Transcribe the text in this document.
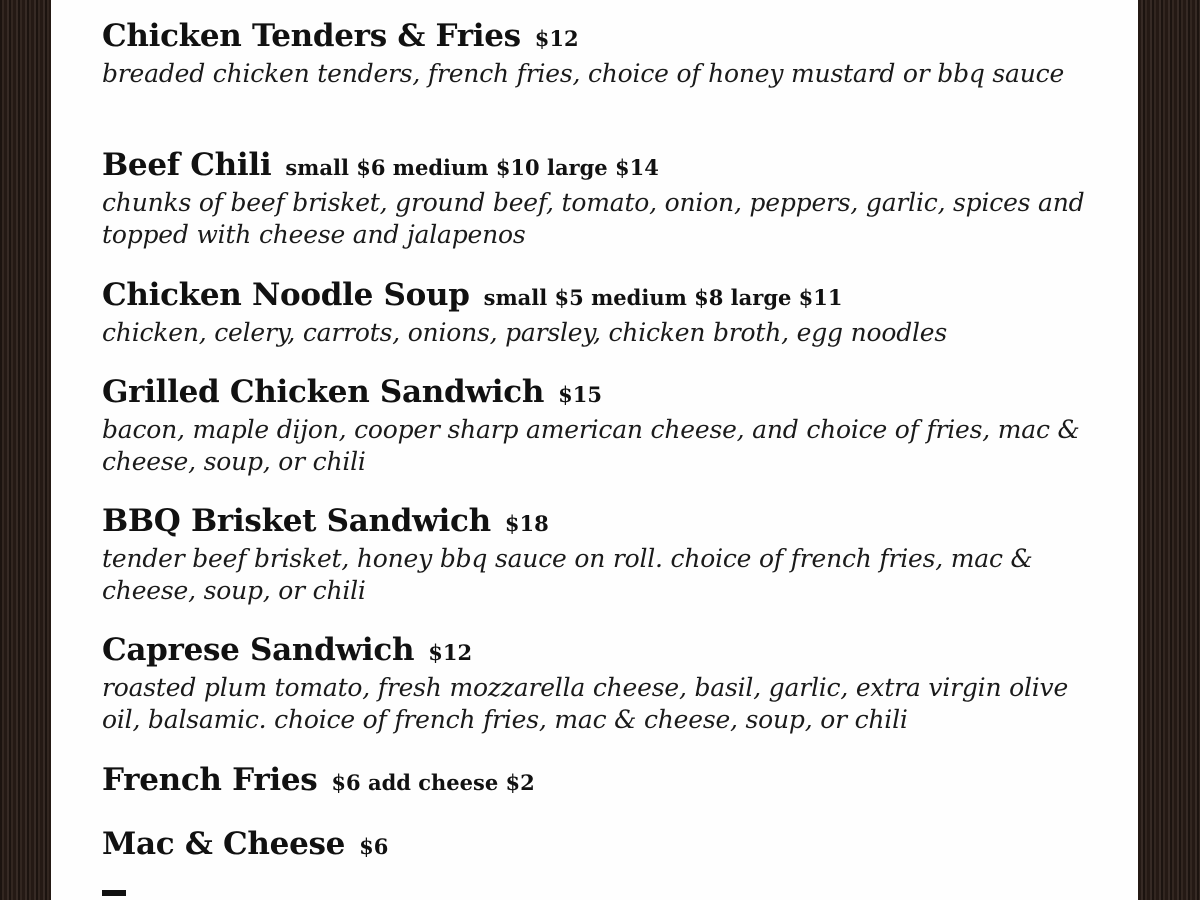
Chicken Tenders & Fries $12
breaded chicken tenders, french fries, choice of honey mustard or bbq sauce
Beef Chili small $6 medium $10 large $14
chunks of beef brisket, ground beef, tomato, onion, peppers, garlic, spices and topped with cheese and jalapenos
Chicken Noodle Soup small $5 medium $8 large $11
chicken, celery, carrots, onions, parsley, chicken broth, egg noodles
Grilled Chicken Sandwich $15
bacon, maple dijon, cooper sharp american cheese, and choice of fries, mac & cheese, soup, or chili
BBQ Brisket Sandwich $18
tender beef brisket, honey bbq sauce on roll. choice of french fries, mac & cheese, soup, or chili
Caprese Sandwich $12
roasted plum tomato, fresh mozzarella cheese, basil, garlic, extra virgin olive oil, balsamic. choice of french fries, mac & cheese, soup, or chili
French Fries $6 add cheese $2
Mac & Cheese $6
